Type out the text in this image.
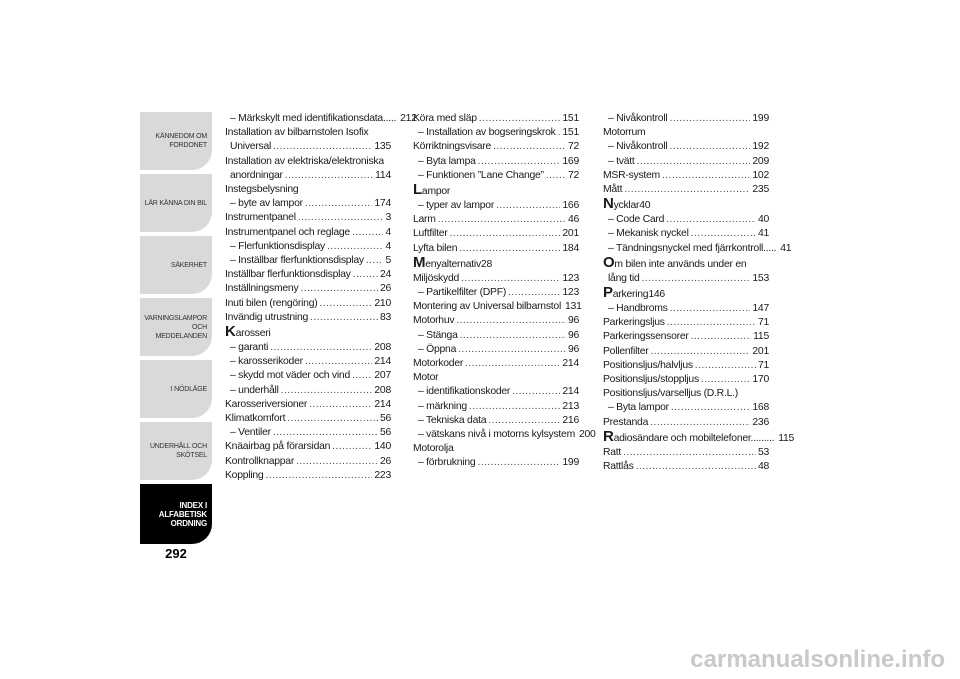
KÄNNEDOM OM FORDONET
LÄR KÄNNA DIN BIL
SÄKERHET
VARNINGSLAMPOR OCH MEDDELANDEN
I NÖDLÄGE
UNDERHÅLL OCH SKÖTSEL
INDEX I ALFABETISK ORDNING
292
– Märkskylt med identifikationsdata..... 212
Installation av bilbarnstolen Isofix
Universal .....	135
Installation av elektriska/elektroniska
anordningar .....	114
Instegsbelysning
– byte av lampor .....	174
Instrumentpanel .....	3
Instrumentpanel och reglage .....	4
– Flerfunktionsdisplay .....	4
– Inställbar flerfunktionsdisplay ..... 5
Inställbar flerfunktionsdisplay .....	24
Inställningsmeny .....	26
Inuti bilen (rengöring) .....	210
Invändig utrustning .....	83
K arosseri
– garanti .....	208
– karosserikoder .....	214
– skydd mot väder och vind ..... 207
– underhåll .....	208
Karosseriversioner .....	214
Klimatkomfort .....	56
– Ventiler .....	56
Knäairbag på förarsidan .....	140
Kontrollknappar .....	26
Koppling .....	223
Köra med släp .....	151
– Installation av bogseringskrok ..... 151
Körriktningsvisare .....	72
– Byta lampa .....	169
– Funktionen ”Lane Change” ..... 72
L ampor
– typer av lampor .....	166
Larm .....	46
Luftfilter .....	201
Lyfta bilen .....	184
M enyalternativ 28
Miljöskydd .....	123
– Partikelfilter (DPF) .....	123
Montering av Universal bilbarnstol 131
Motorhuv .....	96
– Stänga .....	96
– Öppna .....	96
Motorkoder .....	214
Motor
– identifikationskoder .....	214
– märkning .....	213
– Tekniska data .....	216
– vätskans nivå i motorns kylsystem 200
Motorolja
– förbrukning .....	199
– Nivåkontroll .....	199
Motorrum
– Nivåkontroll .....	192
– tvätt .....	209
MSR-system .....	102
Mått .....	235
N ycklar 40
– Code Card .....	40
– Mekanisk nyckel .....	41
– Tändningsnyckel med fjärrkontroll..... 41
O m bilen inte används under en
lång tid .....	153
P arkering 146
– Handbroms .....	147
Parkeringsljus .....	71
Parkeringssensorer .....	115
Pollenfilter .....	201
Positionsljus/halvljus .....	71
Positionsljus/stoppljus .....	170
Positionsljus/varselljus (D.R.L.)
– Byta lampor .....	168
Prestanda .....	236
R adiosändare och mobiltelefoner......... 115
Ratt .....	53
Rattlås .....	48
carmanualsonline.info
